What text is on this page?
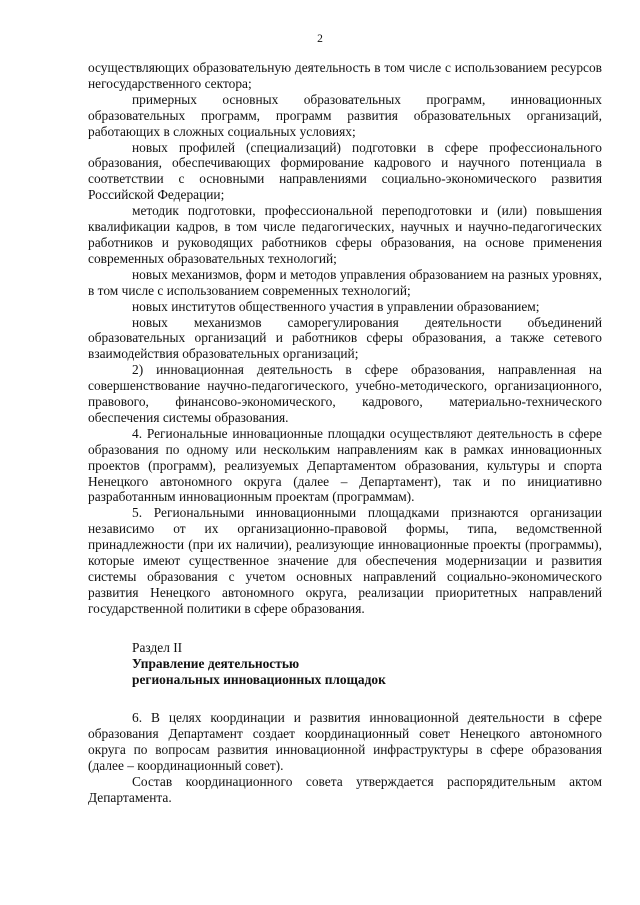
2

осуществляющих образовательную деятельность в том числе с использованием ресурсов негосударственного сектора;

примерных основных образовательных программ, инновационных образовательных программ, программ развития образовательных организаций, работающих в сложных социальных условиях;

новых профилей (специализаций) подготовки в сфере профессионального образования, обеспечивающих формирование кадрового и научного потенциала в соответствии с основными направлениями социально-экономического развития Российской Федерации;

методик подготовки, профессиональной переподготовки и (или) повышения квалификации кадров, в том числе педагогических, научных и научно-педагогических работников и руководящих работников сферы образования, на основе применения современных образовательных технологий;

новых механизмов, форм и методов управления образованием на разных уровнях, в том числе с использованием современных технологий;

новых институтов общественного участия в управлении образованием;

новых механизмов саморегулирования деятельности объединений образовательных организаций и работников сферы образования, а также сетевого взаимодействия образовательных организаций;

2) инновационная деятельность в сфере образования, направленная на совершенствование научно-педагогического, учебно-методического, организационного, правового, финансово-экономического, кадрового, материально-технического обеспечения системы образования.

4. Региональные инновационные площадки осуществляют деятельность в сфере образования по одному или нескольким направлениям как в рамках инновационных проектов (программ), реализуемых Департаментом образования, культуры и спорта Ненецкого автономного округа (далее – Департамент), так и по инициативно разработанным инновационным проектам (программам).

5. Региональными инновационными площадками признаются организации независимо от их организационно-правовой формы, типа, ведомственной принадлежности (при их наличии), реализующие инновационные проекты (программы), которые имеют существенное значение для обеспечения модернизации и развития системы образования с учетом основных направлений социально-экономического развития Ненецкого автономного округа, реализации приоритетных направлений государственной политики в сфере образования.

Раздел II

Управление деятельностью

региональных инновационных площадок

6. В целях координации и развития инновационной деятельности в сфере образования Департамент создает координационный совет Ненецкого автономного округа по вопросам развития инновационной инфраструктуры в сфере образования (далее – координационный совет).

Состав координационного совета утверждается распорядительным актом Департамента.
